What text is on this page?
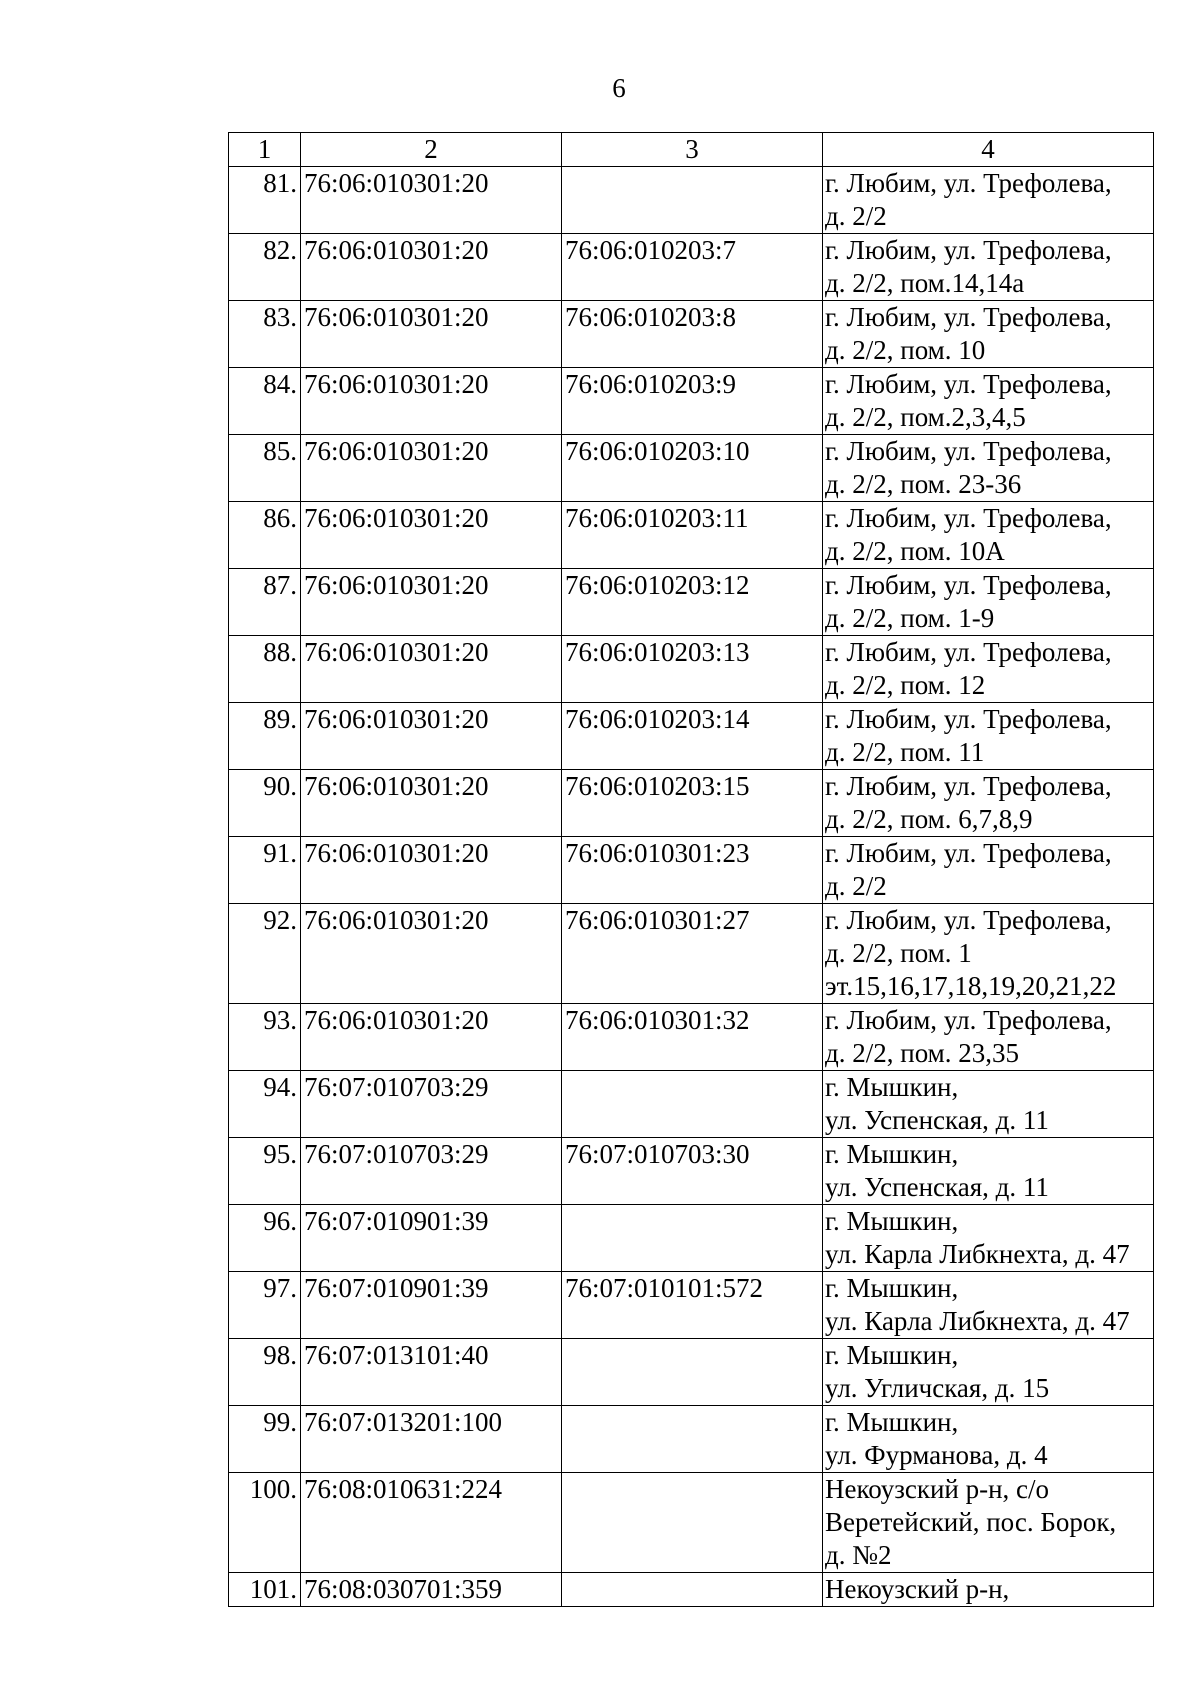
6
1	2	3	4
81.	76:06:010301:20		г. Любим, ул. Трефолева,
д. 2/2
82.	76:06:010301:20	76:06:010203:7	г. Любим, ул. Трефолева,
д. 2/2, пом.14,14а
83.	76:06:010301:20	76:06:010203:8	г. Любим, ул. Трефолева,
д. 2/2, пом. 10
84.	76:06:010301:20	76:06:010203:9	г. Любим, ул. Трефолева,
д. 2/2, пом.2,3,4,5
85.	76:06:010301:20	76:06:010203:10	г. Любим, ул. Трефолева,
д. 2/2, пом. 23-36
86.	76:06:010301:20	76:06:010203:11	г. Любим, ул. Трефолева,
д. 2/2, пом. 10А
87.	76:06:010301:20	76:06:010203:12	г. Любим, ул. Трефолева,
д. 2/2, пом. 1-9
88.	76:06:010301:20	76:06:010203:13	г. Любим, ул. Трефолева,
д. 2/2, пом. 12
89.	76:06:010301:20	76:06:010203:14	г. Любим, ул. Трефолева,
д. 2/2, пом. 11
90.	76:06:010301:20	76:06:010203:15	г. Любим, ул. Трефолева,
д. 2/2, пом. 6,7,8,9
91.	76:06:010301:20	76:06:010301:23	г. Любим, ул. Трефолева,
д. 2/2
92.	76:06:010301:20	76:06:010301:27	г. Любим, ул. Трефолева,
д. 2/2, пом. 1
эт.15,16,17,18,19,20,21,22
93.	76:06:010301:20	76:06:010301:32	г. Любим, ул. Трефолева,
д. 2/2, пом. 23,35
94.	76:07:010703:29		г. Мышкин,
ул. Успенская, д. 11
95.	76:07:010703:29	76:07:010703:30	г. Мышкин,
ул. Успенская, д. 11
96.	76:07:010901:39		г. Мышкин,
ул. Карла Либкнехта, д. 47
97.	76:07:010901:39	76:07:010101:572	г. Мышкин,
ул. Карла Либкнехта, д. 47
98.	76:07:013101:40		г. Мышкин,
ул. Угличская, д. 15
99.	76:07:013201:100		г. Мышкин,
ул. Фурманова, д. 4
100.	76:08:010631:224		Некоузский р-н, с/о
Веретейский, пос. Борок,
д. №2
101.	76:08:030701:359		Некоузский р-н,
